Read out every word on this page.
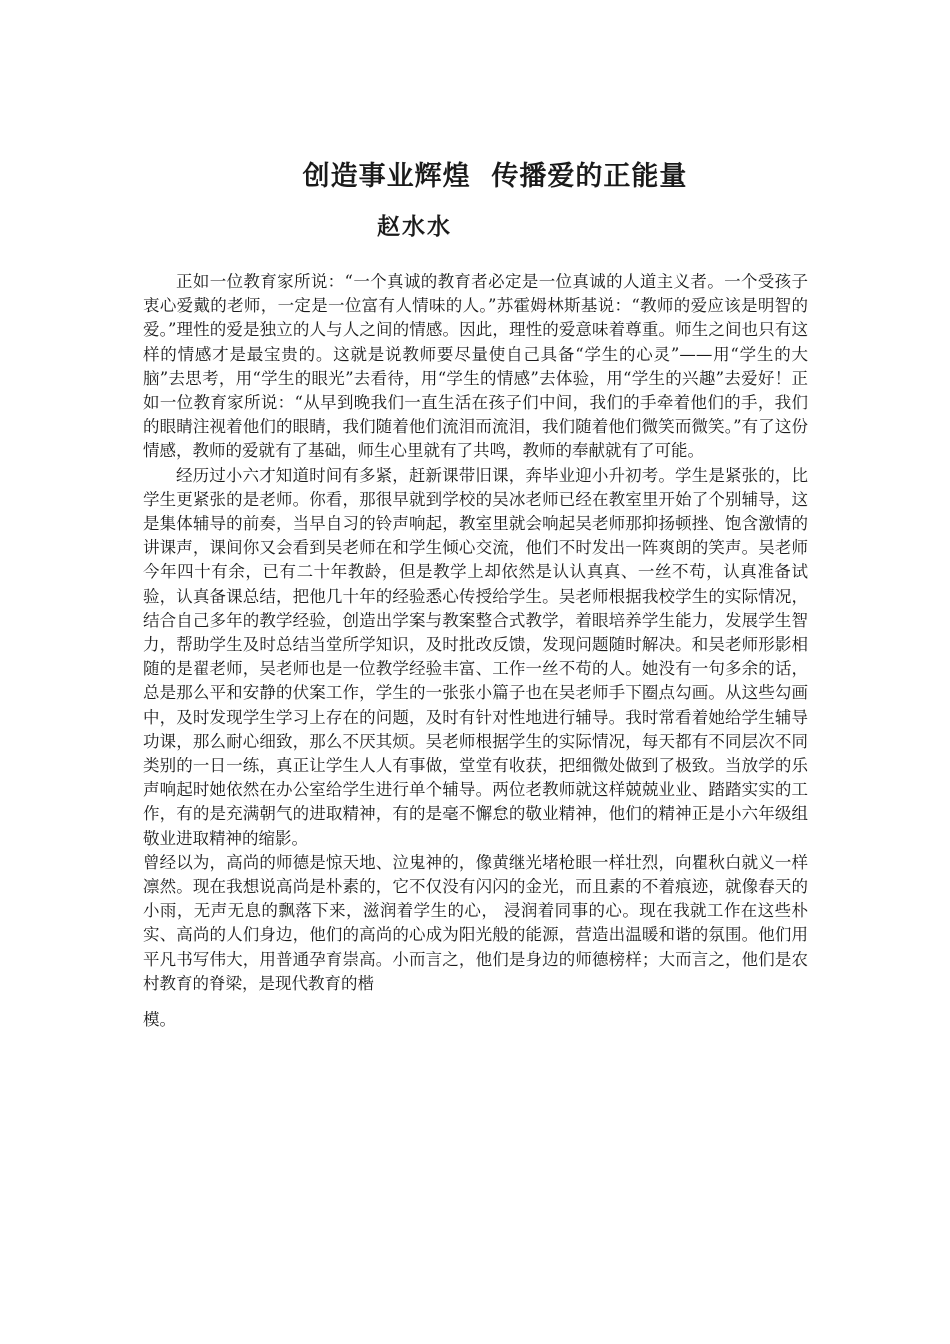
创造事业辉煌  传播爱的正能量
赵水水

正如一位教育家所说：“一个真诚的教育者必定是一位真诚的人道主义者。一个受孩子衷心爱戴的老师，一定是一位富有人情味的人。”苏霍姆林斯基说：“教师的爱应该是明智的爱。”理性的爱是独立的人与人之间的情感。因此，理性的爱意味着尊重。师生之间也只有这样的情感才是最宝贵的。这就是说教师要尽量使自己具备“学生的心灵”——用“学生的大脑”去思考，用“学生的眼光”去看待，用“学生的情感”去体验，用“学生的兴趣”去爱好！正如一位教育家所说：“从早到晚我们一直生活在孩子们中间，我们的手牵着他们的手，我们的眼睛注视着他们的眼睛，我们随着他们流泪而流泪，我们随着他们微笑而微笑。”有了这份情感，教师的爱就有了基础，师生心里就有了共鸣，教师的奉献就有了可能。

经历过小六才知道时间有多紧，赶新课带旧课，奔毕业迎小升初考。学生是紧张的，比学生更紧张的是老师。你看，那很早就到学校的吴冰老师已经在教室里开始了个别辅导，这是集体辅导的前奏，当早自习的铃声响起，教室里就会响起吴老师那抑扬顿挫、饱含激情的讲课声，课间你又会看到吴老师在和学生倾心交流，他们不时发出一阵爽朗的笑声。吴老师今年四十有余，已有二十年教龄，但是教学上却依然是认认真真、一丝不苟，认真准备试验，认真备课总结，把他几十年的经验悉心传授给学生。吴老师根据我校学生的实际情况，结合自己多年的教学经验，创造出学案与教案整合式教学，着眼培养学生能力，发展学生智力，帮助学生及时总结当堂所学知识，及时批改反馈，发现问题随时解决。和吴老师形影相随的是翟老师，吴老师也是一位教学经验丰富、工作一丝不苟的人。她没有一句多余的话，总是那么平和安静的伏案工作，学生的一张张小篇子也在吴老师手下圈点勾画。从这些勾画中，及时发现学生学习上存在的问题，及时有针对性地进行辅导。我时常看着她给学生辅导功课，那么耐心细致，那么不厌其烦。吴老师根据学生的实际情况，每天都有不同层次不同类别的一日一练，真正让学生人人有事做，堂堂有收获，把细微处做到了极致。当放学的乐声响起时她依然在办公室给学生进行单个辅导。两位老教师就这样兢兢业业、踏踏实实的工作，有的是充满朝气的进取精神，有的是毫不懈怠的敬业精神，他们的精神正是小六年级组敬业进取精神的缩影。

曾经以为，高尚的师德是惊天地、泣鬼神的，像黄继光堵枪眼一样壮烈，向瞿秋白就义一样凛然。现在我想说高尚是朴素的，它不仅没有闪闪的金光，而且素的不着痕迹，就像春天的小雨，无声无息的飘落下来，滋润着学生的心， 浸润着同事的心。现在我就工作在这些朴实、高尚的人们身边，他们的高尚的心成为阳光般的能源，营造出温暖和谐的氛围。他们用平凡书写伟大，用普通孕育崇高。小而言之，他们是身边的师德榜样；大而言之，他们是农村教育的脊梁，是现代教育的楷

模。
